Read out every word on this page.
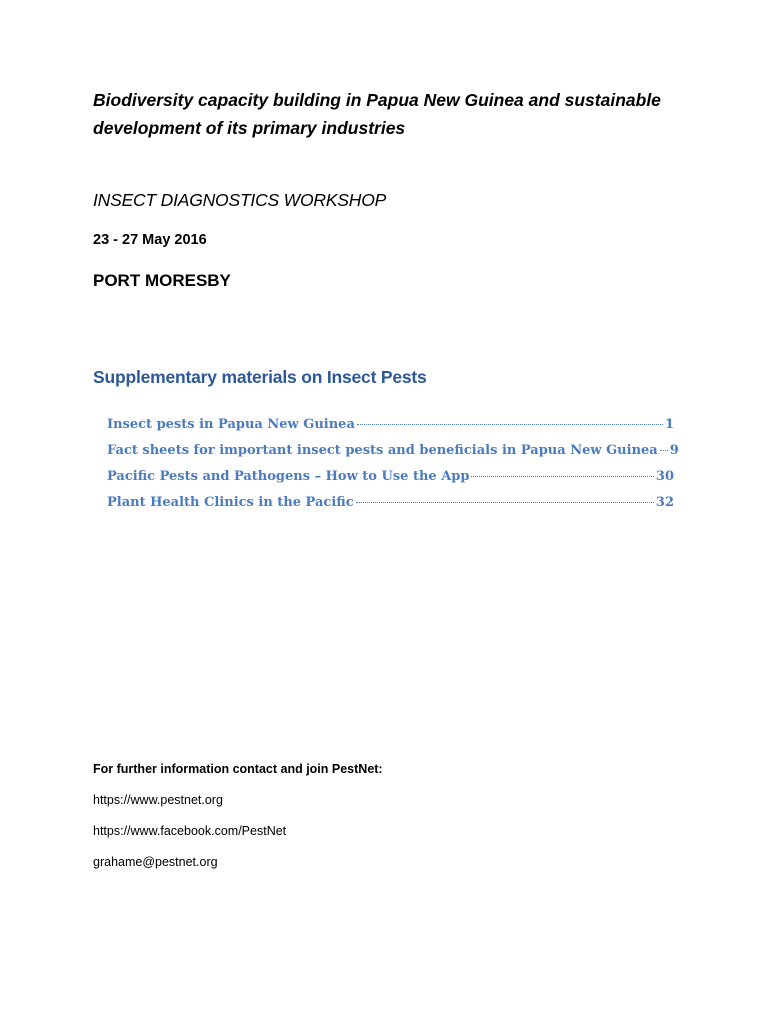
Biodiversity capacity building in Papua New Guinea and sustainable development of its primary industries
INSECT DIAGNOSTICS WORKSHOP
23 - 27 May 2016
PORT MORESBY
Supplementary materials on Insect Pests
Insect pests in Papua New Guinea	1
Fact sheets for important insect pests and beneficials in Papua New Guinea 9
Pacific Pests and Pathogens – How to Use the App	30
Plant Health Clinics in the Pacific	32
For further information contact and join PestNet:
https://www.pestnet.org
https://www.facebook.com/PestNet
grahame@pestnet.org
